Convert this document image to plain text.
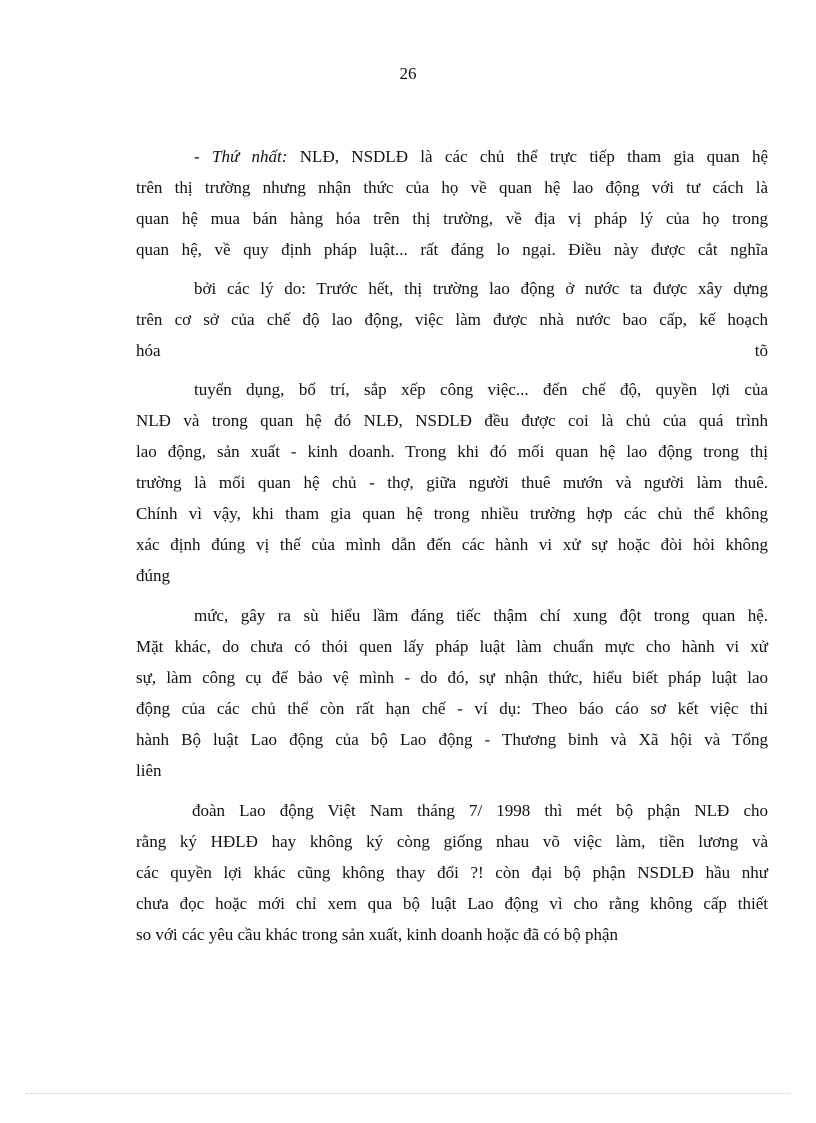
26
- Thứ nhất: NLĐ, NSDLĐ là các chủ thể trực tiếp tham gia quan hệ
trên thị trường nhưng nhận thức của họ về quan hệ lao động với tư cách là
quan hệ mua bán hàng hóa trên thị trường, về địa vị pháp lý của họ trong
quan hệ, về quy định pháp luật... rất đáng lo ngại. Điều này được cắt nghĩa
bởi các lý do: Trước hết, thị trường lao động ở nước ta được xây dựng
trên cơ sở của chế độ lao động, việc làm được nhà nước bao cấp, kế hoạch
hóa	tõ
tuyển dụng, bố trí, sắp xếp công việc... đến chế độ, quyền lợi của
NLĐ và trong quan hệ đó NLĐ, NSDLĐ đều được coi là chủ của quá trình
lao động, sản xuất - kinh doanh. Trong khi đó mối quan hệ lao động trong thị
trường là mối quan hệ chủ - thợ, giữa người thuê mướn và người làm thuê.
Chính vì vậy, khi tham gia quan hệ trong nhiều trường hợp các chủ thể không
xác định đúng vị thế của mình dẫn đến các hành vi xử sự hoặc đòi hỏi không
đúng
mức, gây ra sù hiểu lầm đáng tiếc thậm chí xung đột trong quan hệ.
Mặt khác, do chưa có thói quen lấy pháp luật làm chuẩn mực cho hành vi xử
sự, làm công cụ để bảo vệ mình - do đó, sự nhận thức, hiểu biết pháp luật lao
động của các chủ thể còn rất hạn chế - ví dụ: Theo báo cáo sơ kết việc thi
hành Bộ luật Lao động của bộ Lao động - Thương binh và Xã hội và Tổng
liên
đoàn Lao động Việt Nam tháng 7/ 1998 thì mét bộ phận NLĐ cho
rằng ký HĐLĐ hay không ký còng giống nhau võ việc làm, tiền lương và
các quyền lợi khác cũng không thay đổi ?! còn đại bộ phận NSDLĐ hầu như
chưa đọc hoặc mới chỉ xem qua bộ luật Lao động vì cho rằng không cấp thiết
so với các yêu cầu khác trong sản xuất, kinh doanh hoặc đã có bộ phận
